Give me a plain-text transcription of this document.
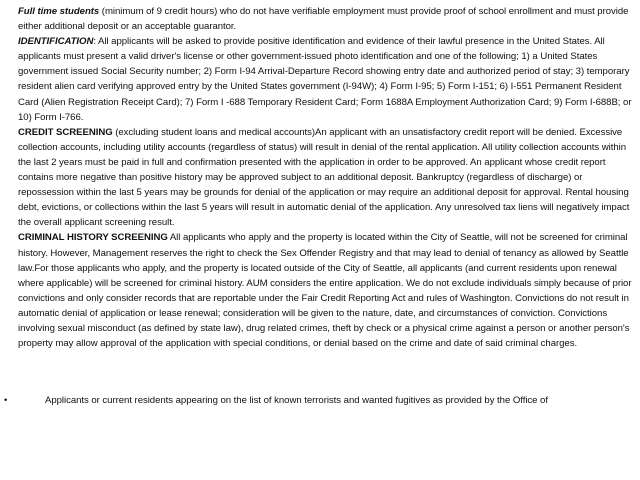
Full time students (minimum of 9 credit hours) who do not have verifiable employment must provide proof of school enrollment and must provide either additional deposit or an acceptable guarantor.

IDENTIFICATION: All applicants will be asked to provide positive identification and evidence of their lawful presence in the United States. All applicants must present a valid driver's license or other government-issued photo identification and one of the following; 1) a United States government issued Social Security number; 2) Form I-94 Arrival-Departure Record showing entry date and authorized period of stay; 3) temporary resident alien card verifying approved entry by the United States government (I-94W); 4) Form I-95; 5) Form I-151; 6) I-551 Permanent Resident Card (Alien Registration Receipt Card); 7) Form I -688 Temporary Resident Card; Form 1688A Employment Authorization Card; 9) Form I-688B; or 10) Form I-766.

CREDIT SCREENING (excluding student loans and medical accounts)An applicant with an unsatisfactory credit report will be denied. Excessive collection accounts, including utility accounts (regardless of status) will result in denial of the rental application. All utility collection accounts within the last 2 years must be paid in full and confirmation presented with the application in order to be approved. An applicant whose credit report contains more negative than positive history may be approved subject to an additional deposit. Bankruptcy (regardless of discharge) or repossession within the last 5 years may be grounds for denial of the application or may require an additional deposit for approval. Rental housing debt, evictions, or collections within the last 5 years will result in automatic denial of the application. Any unresolved tax liens will negatively impact the overall applicant screening result.

CRIMINAL HISTORY SCREENING All applicants who apply and the property is located within the City of Seattle, will not be screened for criminal history. However, Management reserves the right to check the Sex Offender Registry and that may lead to denial of tenancy as allowed by Seattle law.For those applicants who apply, and the property is located outside of the City of Seattle, all applicants (and current residents upon renewal where applicable) will be screened for criminal history. AUM considers the entire application. We do not exclude individuals simply because of prior convictions and only consider records that are reportable under the Fair Credit Reporting Act and rules of Washington. Convictions do not result in automatic denial of application or lease renewal; consideration will be given to the nature, date, and circumstances of conviction. Convictions involving sexual misconduct (as defined by state law), drug related crimes, theft by check or a physical crime against a person or another person's property may allow approval of the application with special conditions, or denial based on the crime and date of said criminal charges.

•	Applicants or current residents appearing on the list of known terrorists and wanted fugitives as provided by the Office of
